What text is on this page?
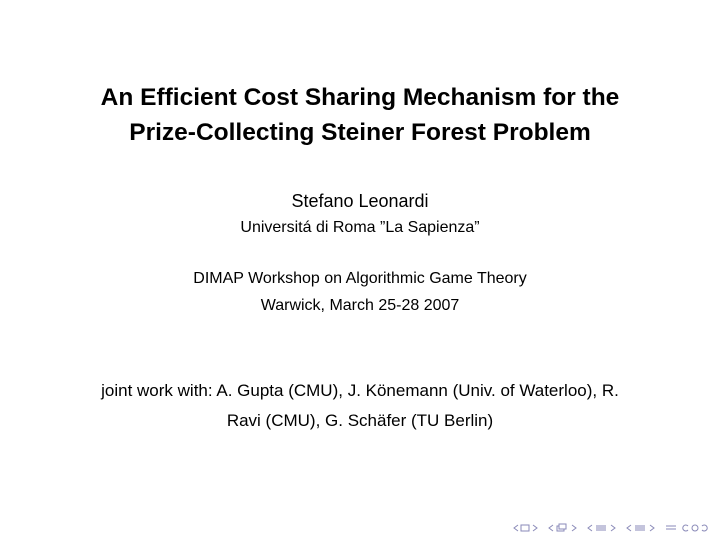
An Efficient Cost Sharing Mechanism for the
Prize-Collecting Steiner Forest Problem
Stefano Leonardi
Universitá di Roma ”La Sapienza”
DIMAP Workshop on Algorithmic Game Theory
Warwick, March 25-28 2007
joint work with: A. Gupta (CMU), J. Könemann (Univ. of Waterloo), R.
Ravi (CMU), G. Schäfer (TU Berlin)
